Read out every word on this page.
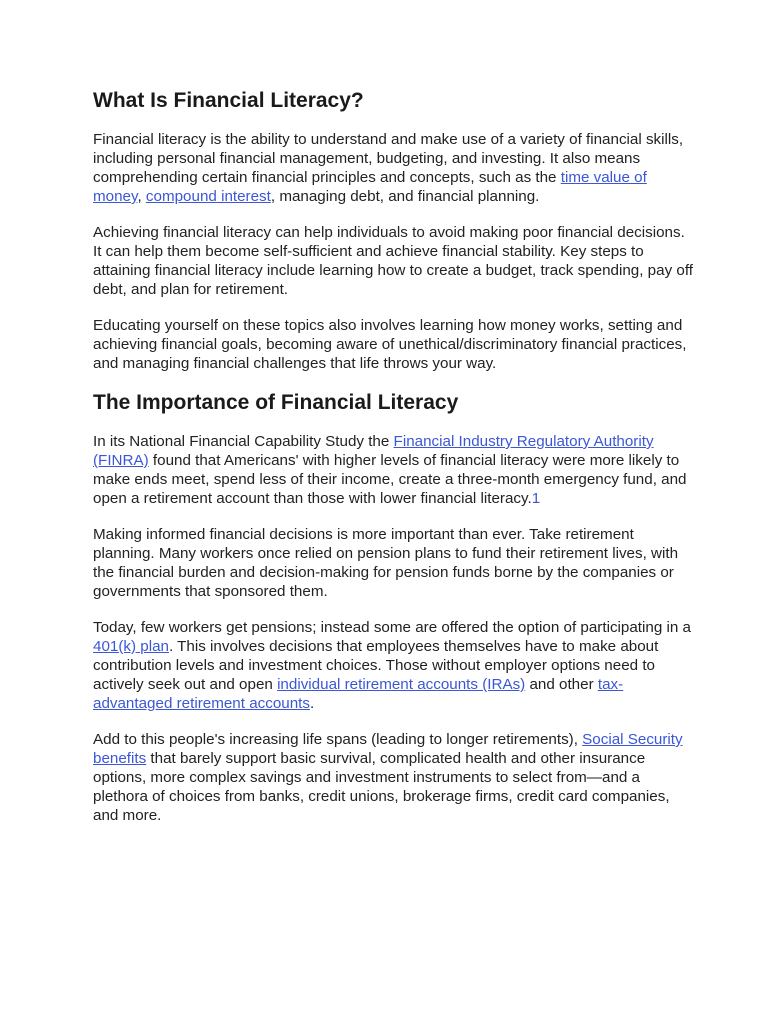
What Is Financial Literacy?

Financial literacy is the ability to understand and make use of a variety of financial skills, including personal financial management, budgeting, and investing. It also means comprehending certain financial principles and concepts, such as the time value of money, compound interest, managing debt, and financial planning.

Achieving financial literacy can help individuals to avoid making poor financial decisions. It can help them become self-sufficient and achieve financial stability. Key steps to attaining financial literacy include learning how to create a budget, track spending, pay off debt, and plan for retirement.

Educating yourself on these topics also involves learning how money works, setting and achieving financial goals, becoming aware of unethical/discriminatory financial practices, and managing financial challenges that life throws your way.

The Importance of Financial Literacy

In its National Financial Capability Study the Financial Industry Regulatory Authority (FINRA) found that Americans' with higher levels of financial literacy were more likely to make ends meet, spend less of their income, create a three-month emergency fund, and open a retirement account than those with lower financial literacy.1

Making informed financial decisions is more important than ever. Take retirement planning. Many workers once relied on pension plans to fund their retirement lives, with the financial burden and decision-making for pension funds borne by the companies or governments that sponsored them.

Today, few workers get pensions; instead some are offered the option of participating in a 401(k) plan. This involves decisions that employees themselves have to make about contribution levels and investment choices. Those without employer options need to actively seek out and open individual retirement accounts (IRAs) and other tax-advantaged retirement accounts.

Add to this people's increasing life spans (leading to longer retirements), Social Security benefits that barely support basic survival, complicated health and other insurance options, more complex savings and investment instruments to select from—and a plethora of choices from banks, credit unions, brokerage firms, credit card companies, and more.
